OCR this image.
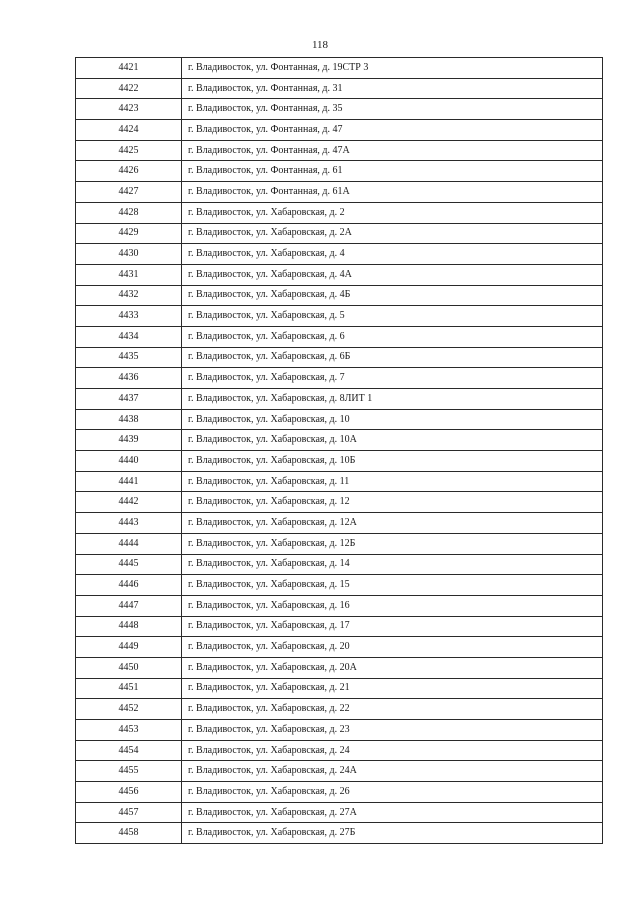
118
4421	г. Владивосток, ул. Фонтанная, д. 19СТР 3
4422	г. Владивосток, ул. Фонтанная, д. 31
4423	г. Владивосток, ул. Фонтанная, д. 35
4424	г. Владивосток, ул. Фонтанная, д. 47
4425	г. Владивосток, ул. Фонтанная, д. 47А
4426	г. Владивосток, ул. Фонтанная, д. 61
4427	г. Владивосток, ул. Фонтанная, д. 61А
4428	г. Владивосток, ул. Хабаровская, д. 2
4429	г. Владивосток, ул. Хабаровская, д. 2А
4430	г. Владивосток, ул. Хабаровская, д. 4
4431	г. Владивосток, ул. Хабаровская, д. 4А
4432	г. Владивосток, ул. Хабаровская, д. 4Б
4433	г. Владивосток, ул. Хабаровская, д. 5
4434	г. Владивосток, ул. Хабаровская, д. 6
4435	г. Владивосток, ул. Хабаровская, д. 6Б
4436	г. Владивосток, ул. Хабаровская, д. 7
4437	г. Владивосток, ул. Хабаровская, д. 8ЛИТ 1
4438	г. Владивосток, ул. Хабаровская, д. 10
4439	г. Владивосток, ул. Хабаровская, д. 10А
4440	г. Владивосток, ул. Хабаровская, д. 10Б
4441	г. Владивосток, ул. Хабаровская, д. 11
4442	г. Владивосток, ул. Хабаровская, д. 12
4443	г. Владивосток, ул. Хабаровская, д. 12А
4444	г. Владивосток, ул. Хабаровская, д. 12Б
4445	г. Владивосток, ул. Хабаровская, д. 14
4446	г. Владивосток, ул. Хабаровская, д. 15
4447	г. Владивосток, ул. Хабаровская, д. 16
4448	г. Владивосток, ул. Хабаровская, д. 17
4449	г. Владивосток, ул. Хабаровская, д. 20
4450	г. Владивосток, ул. Хабаровская, д. 20А
4451	г. Владивосток, ул. Хабаровская, д. 21
4452	г. Владивосток, ул. Хабаровская, д. 22
4453	г. Владивосток, ул. Хабаровская, д. 23
4454	г. Владивосток, ул. Хабаровская, д. 24
4455	г. Владивосток, ул. Хабаровская, д. 24А
4456	г. Владивосток, ул. Хабаровская, д. 26
4457	г. Владивосток, ул. Хабаровская, д. 27А
4458	г. Владивосток, ул. Хабаровская, д. 27Б
